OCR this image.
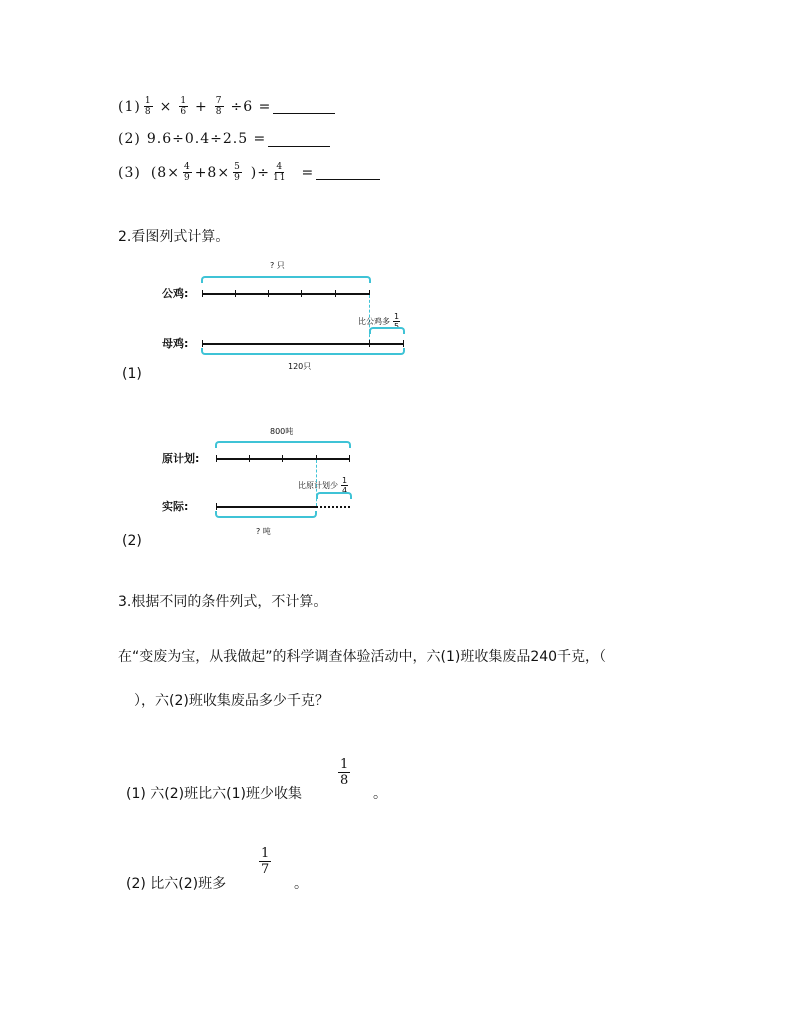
$(1) \frac{1}{8} \times \frac{1}{6} + \frac{7}{8} \div 6$ =
(2) 9.6÷0.4÷2.5 =
(3) ($8\times \frac{4}{9} +8\times \frac{5}{9}$ )÷ $\frac{4}{11}$ =
2.看图列式计算。
? 只
公鸡:
比公鸡多 $\frac{1}{5}$
母鸡:
120只
(1)
800吨
原计划:
比原计划少 $\frac{1}{4}$
实际:
? 吨
(2)
3.根据不同的条件列式，不计算。
在“变废为宝，从我做起”的科学调查体验活动中，六(1)班收集废品240千克，（
），六(2)班收集废品多少千克？
(1) 六(2)班比六(1)班少收集
1
8
。
(2) 比六(2)班多
1
7
。
